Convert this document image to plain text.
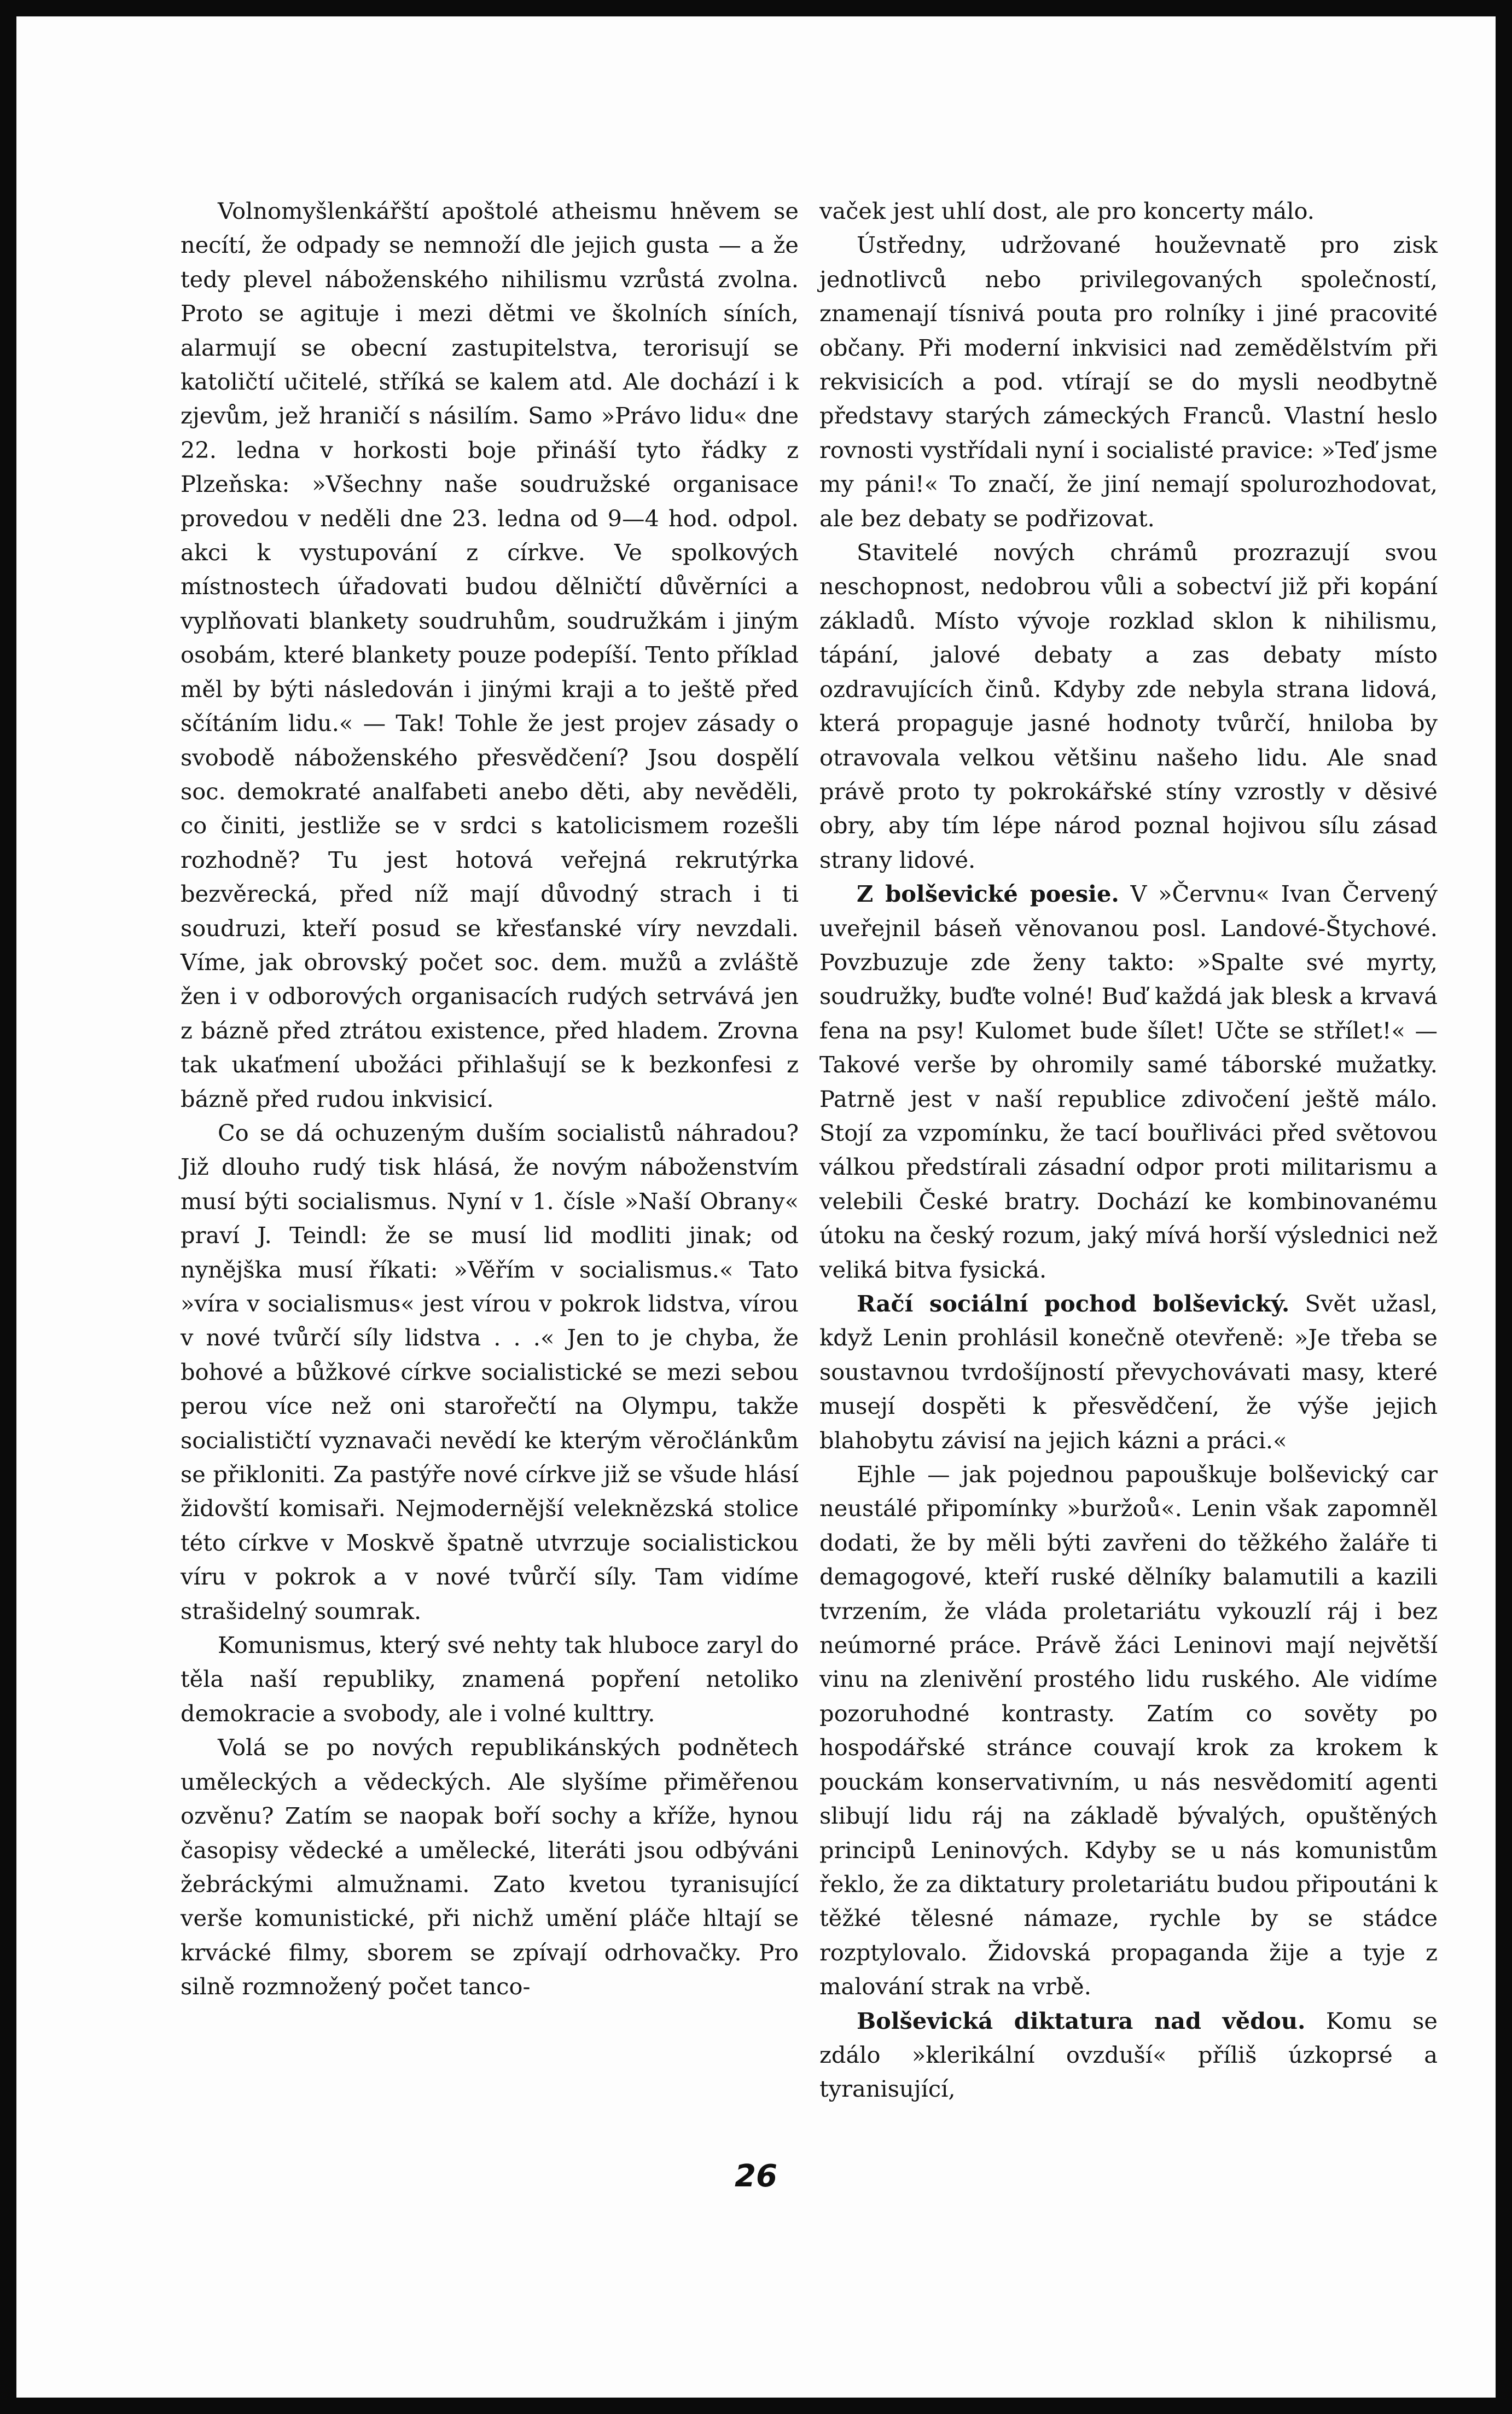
Volnomyšlenkářští apoštolé atheismu hněvem se necítí, že odpady se nemnoží dle jejich gusta — a že tedy plevel náboženského nihilismu vzrůstá zvolna. Proto se agituje i mezi dětmi ve školních síních, alarmují se obecní zastupitelstva, terorisují se katoličtí učitelé, stříká se kalem atd. Ale dochází i k zjevům, jež hraničí s násilím. Samo »Právo lidu« dne 22. ledna v horkosti boje přináší tyto řádky z Plzeňska: »Všechny naše soudružské organisace provedou v neděli dne 23. ledna od 9—4 hod. odpol. akci k vystupování z církve. Ve spolkových místnostech úřadovati budou dělničtí důvěrníci a vyplňovati blankety soudruhům, soudružkám i jiným osobám, které blankety pouze podepíší. Tento příklad měl by býti následován i jinými kraji a to ještě před sčítáním lidu.« — Tak! Tohle že jest projev zásady o svobodě náboženského přesvědčení? Jsou dospělí soc. demokraté analfabeti anebo děti, aby nevěděli, co činiti, jestliže se v srdci s katolicismem rozešli rozhodně? Tu jest hotová veřejná rekrutýrka bezvěrecká, před níž mají důvodný strach i ti soudruzi, kteří posud se křesťanské víry nevzdali. Víme, jak obrovský počet soc. dem. mužů a zvláště žen i v odborových organisacích rudých setrvává jen z bázně před ztrátou existence, před hladem. Zrovna tak ukaťmení ubožáci přihlašují se k bezkonfesi z bázně před rudou inkvisicí.

Co se dá ochuzeným duším socialistů náhradou? Již dlouho rudý tisk hlásá, že novým náboženstvím musí býti socialismus. Nyní v 1. čísle »Naší Obrany« praví J. Teindl: že se musí lid modliti jinak; od nynějška musí říkati: »Věřím v socialismus.« Tato »víra v socialismus« jest vírou v pokrok lidstva, vírou v nové tvůrčí síly lidstva . . .« Jen to je chyba, že bohové a bůžkové církve socialistické se mezi sebou perou více než oni starořečtí na Olympu, takže socialističtí vyznavači nevědí ke kterým věročlánkům se přikloniti. Za pastýře nové církve již se všude hlásí židovští komisaři. Nejmodernější veleknězská stolice této církve v Moskvě špatně utvrzuje socialistickou víru v pokrok a v nové tvůrčí síly. Tam vidíme strašidelný soumrak.

Komunismus, který své nehty tak hluboce zaryl do těla naší republiky, znamená popření netolikо demokracie a svobody, ale i volné kulttry.

Volá se po nových republikánských podnětech uměleckých a vědeckých. Ale slyšíme přiměřenou ozvěnu? Zatím se naopak boří sochy a kříže, hynou časopisy vědecké a umělecké, literáti jsou odbýváni žebráckými almužnami. Zato kvetou tyranisující verše komunistické, při nichž umění pláče hltají se krvácké filmy, sborem se zpívají odrhovačky. Pro silně rozmnožený počet tanco-

vaček jest uhlí dost, ale pro koncerty málo.

Ústředny, udržované houževnatě pro zisk jednotlivců nebo privilegovaných společností, znamenají tísnivá pouta pro rolníky i jiné pracovité občany. Při moderní inkvisici nad zemědělstvím při rekvisicích a pod. vtírají se do mysli neodbytně představy starých zámeckých Franců. Vlastní heslo rovnosti vystřídali nyní i socialisté pravice: »Teď jsme my páni!« To značí, že jiní nemají spolurozhodovat, ale bez debaty se podřizovat.

Stavitelé nových chrámů prozrazují svou neschopnost, nedobrou vůli a sobectví již při kopání základů. Místo vývoje rozklad sklon k nihilismu, tápání, jalové debaty a zas debaty místo ozdravujících činů. Kdyby zde nebyla strana lidová, která propaguje jasné hodnoty tvůrčí, hniloba by otravovala velkou většinu našeho lidu. Ale snad právě proto ty pokrokářské stíny vzrostly v děsivé obry, aby tím lépe národ poznal hojivou sílu zásad strany lidové.

Z bolševické poesie. V »Červnu« Ivan Červený uveřejnil báseň věnovanou posl. Landové-Štychové. Povzbuzuje zde ženy takto: »Spalte své myrty, soudružky, buďte volné! Buď každá jak blesk a krvavá fena na psy! Kulomet bude šílet! Učte se střílet!« — Takové verše by ohromily samé táborské mužatky. Patrně jest v naší republice zdivočení ještě málo. Stojí za vzpomínku, že tací bouřliváci před světovou válkou předstírali zásadní odpor proti militarismu a velebili České bratry. Dochází ke kombinovanému útoku na český rozum, jaký mívá horší výslednici než veliká bitva fysická.

Račí sociální pochod bolševický. Svět užasl, když Lenin prohlásil konečně otevřeně: »Je třeba se soustavnou tvrdošíjností převychovávati masy, které musejí dospěti k přesvědčení, že výše jejich blahobytu závisí na jejich kázni a práci.«

Ejhle — jak pojednou papouškuje bolševický car neustálé připomínky »buržoů«. Lenin však zapomněl dodati, že by měli býti zavřeni do těžkého žaláře ti demagogové, kteří ruské dělníky balamutili a kazili tvrzením, že vláda proletariátu vykouzlí ráj i bez neúmorné práce. Právě žáci Leninovi mají největší vinu na zlenivění prostého lidu ruského. Ale vidíme pozoruhodné kontrasty. Zatím co sověty po hospodářské stránce couvají krok za krokem k pouckám konservativním, u nás nesvědomití agenti slibují lidu ráj na základě bývalých, opuštěných principů Leninových. Kdyby se u nás komunistům řeklo, že za diktatury proletariátu budou připoutáni k těžké tělesné námaze, rychle by se stádce rozptylovalo. Židovská propaganda žije a tyje z malování strak na vrbě.

Bolševická diktatura nad vědou. Komu se zdálo »klerikální ovzduší« příliš úzkoprsé a tyranisující,

26
